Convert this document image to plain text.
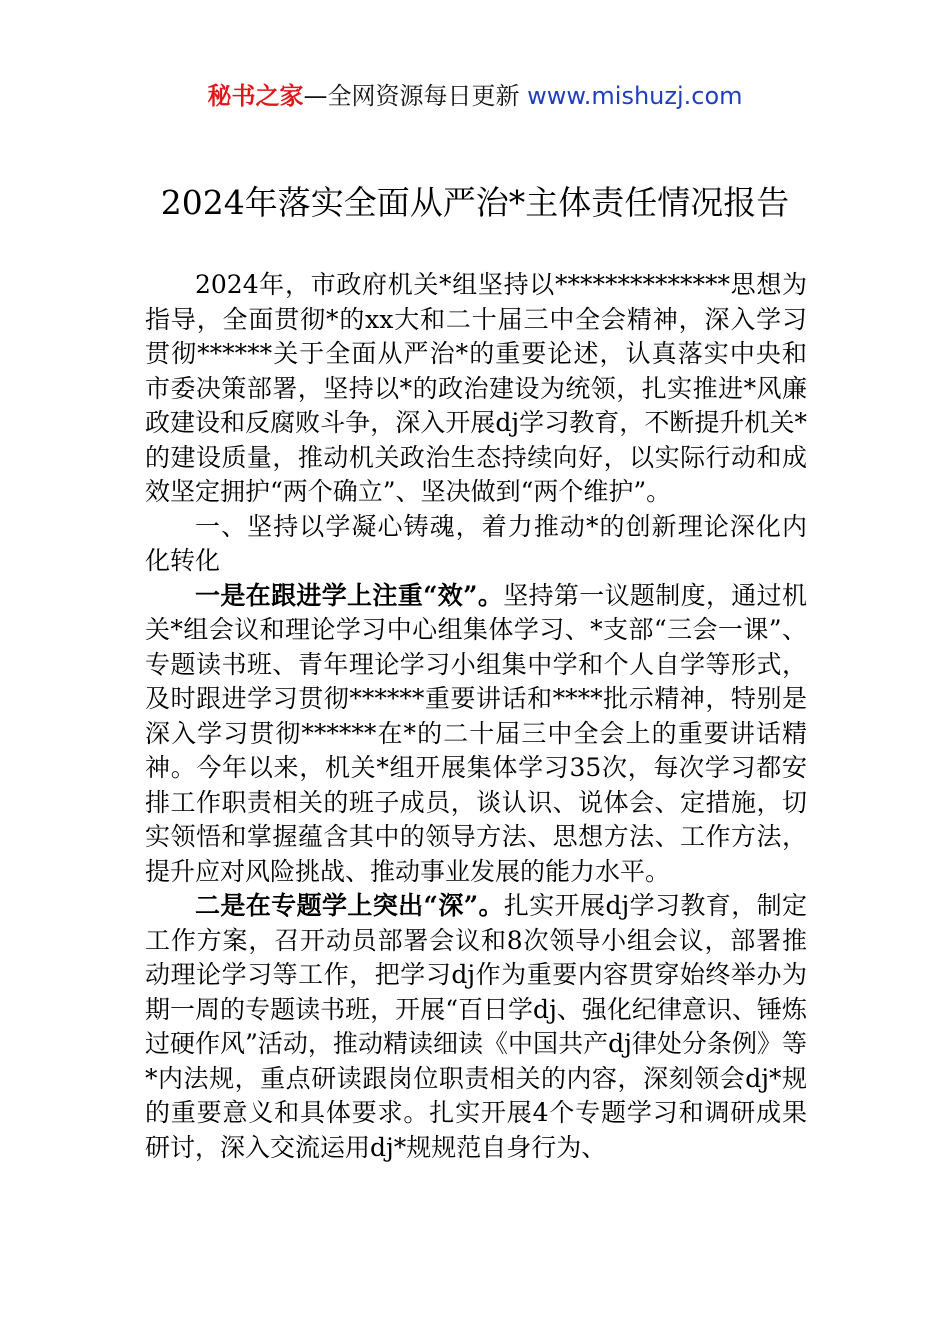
秘书之家—全网资源每日更新 www.mishuzj.com
2024年落实全面从严治*主体责任情况报告

2024年，市政府机关*组坚持以**************思想为指导，全面贯彻*的xx大和二十届三中全会精神，深入学习贯彻******关于全面从严治*的重要论述，认真落实中央和市委决策部署，坚持以*的政治建设为统领，扎实推进*风廉政建设和反腐败斗争，深入开展dj学习教育，不断提升机关*的建设质量，推动机关政治生态持续向好，以实际行动和成效坚定拥护“两个确立”、坚决做到“两个维护”。

一、坚持以学凝心铸魂，着力推动*的创新理论深化内化转化

一是在跟进学上注重“效”。坚持第一议题制度，通过机关*组会议和理论学习中心组集体学习、*支部“三会一课”、专题读书班、青年理论学习小组集中学和个人自学等形式，及时跟进学习贯彻******重要讲话和****批示精神，特别是深入学习贯彻******在*的二十届三中全会上的重要讲话精神。今年以来，机关*组开展集体学习35次，每次学习都安排工作职责相关的班子成员，谈认识、说体会、定措施，切实领悟和掌握蕴含其中的领导方法、思想方法、工作方法，提升应对风险挑战、推动事业发展的能力水平。

二是在专题学上突出“深”。扎实开展dj学习教育，制定工作方案，召开动员部署会议和8次领导小组会议，部署推动理论学习等工作，把学习dj作为重要内容贯穿始终举办为期一周的专题读书班，开展“百日学dj、强化纪律意识、锤炼过硬作风”活动，推动精读细读《中国共产dj律处分条例》等*内法规，重点研读跟岗位职责相关的内容，深刻领会dj*规的重要意义和具体要求。扎实开展4个专题学习和调研成果研讨，深入交流运用dj*规规范自身行为、
